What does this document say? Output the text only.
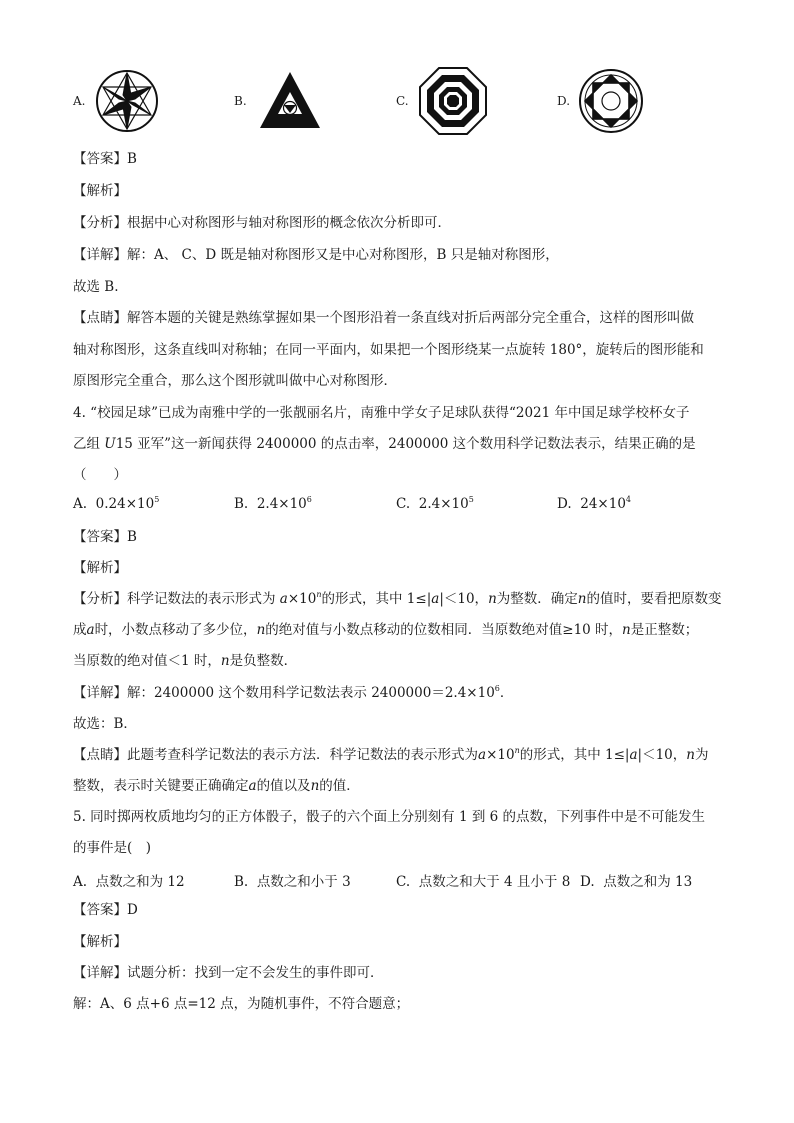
A.	B.	C.	D.
【答案】B
【解析】
【分析】根据中心对称图形与轴对称图形的概念依次分析即可．
【详解】解：A、 C、D 既是轴对称图形又是中心对称图形，B 只是轴对称图形，
故选 B.
【点睛】解答本题的关键是熟练掌握如果一个图形沿着一条直线对折后两部分完全重合，这样的图形叫做
轴对称图形，这条直线叫对称轴；在同一平面内，如果把一个图形绕某一点旋转 180°，旋转后的图形能和
原图形完全重合，那么这个图形就叫做中心对称图形．
4. “校园足球”已成为南雅中学的一张靓丽名片，南雅中学女子足球队获得“2021 年中国足球学校杯女子
乙组 U15 亚军”这一新闻获得 2400000 的点击率，2400000 这个数用科学记数法表示，结果正确的是
（　　）
A. $0.24\times 10^5$	B. $2.4\times 10^6$	C. $2.4\times 10^5$	D. $24\times 10^4$
【答案】B
【解析】
【分析】科学记数法的表示形式为 $a\times 10^n$的形式，其中 1≤|a|＜10，n为整数．确定n的值时，要看把原数变
成a时，小数点移动了多少位，n的绝对值与小数点移动的位数相同．当原数绝对值≥10 时，n是正整数；
当原数的绝对值＜1 时，n是负整数．
【详解】解：2400000 这个数用科学记数法表示 $2400000=2.4\times 10^6$．
故选：B．
【点睛】此题考查科学记数法的表示方法．科学记数法的表示形式为$a\times 10^n$的形式，其中 1≤|a|＜10，n为
整数，表示时关键要正确确定a的值以及n的值．
5. 同时掷两枚质地均匀的正方体骰子，骰子的六个面上分别刻有 1 到 6 的点数，下列事件中是不可能发生
的事件是(　)
A. 点数之和为 12	B. 点数之和小于 3	C. 点数之和大于 4 且小于 8 D. 点数之和为 13
【答案】D
【解析】
【详解】试题分析：找到一定不会发生的事件即可．
解：A、6 点+6 点=12 点，为随机事件，不符合题意；
